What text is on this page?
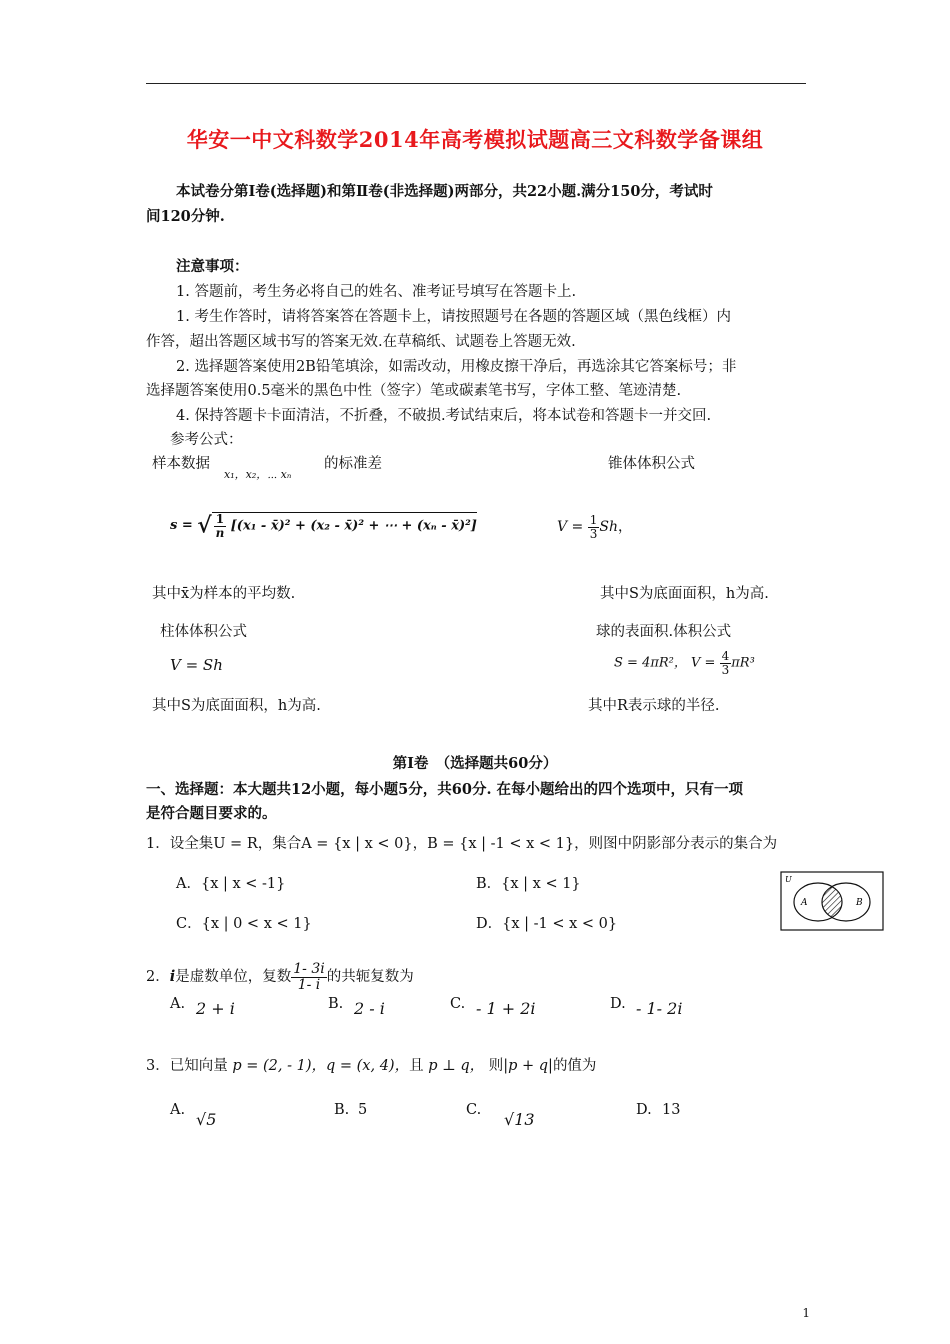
华安一中文科数学2014年高考模拟试题高三文科数学备课组
本试卷分第Ⅰ卷(选择题)和第Ⅱ卷(非选择题)两部分，共22小题.满分150分，考试时
间120分钟.
注意事项：
1. 答题前，考生务必将自己的姓名、准考证号填写在答题卡上.
1. 考生作答时，请将答案答在答题卡上，请按照题号在各题的答题区域（黑色线框）内
作答，超出答题区域书写的答案无效.在草稿纸、试题卷上答题无效.
2. 选择题答案使用2B铅笔填涂，如需改动，用橡皮擦干净后，再选涂其它答案标号；非
选择题答案使用0.5毫米的黑色中性（签字）笔或碳素笔书写，字体工整、笔迹清楚.
4. 保持答题卡卡面清洁，不折叠，不破损.考试结束后，将本试卷和答题卡一并交回.
参考公式：
样本数据
x₁，x₂，⋯ xₙ
的标准差	锥体体积公式
s = √ $\frac{1}{n} [(x_1$ - x̄)² + (x₂ - x̄)² + ⋯ + (xₙ - x̄)²]	$V = \frac{1}{3}$ Sh，
其中x̄为样本的平均数.	其中S为底面面积，h为高.
柱体体积公式	球的表面积.体积公式
V = Sh	S = 4πR²， $V = \frac{4}{3} \pi R^3$
其中S为底面面积，h为高.	其中R表示球的半径.
第Ⅰ卷　（选择题共60分）
一、选择题：本大题共12小题，每小题5分，共60分. 在每小题给出的四个选项中，只有一项
是符合题目要求的。
1．设全集U = R，集合A = {x | x < 0}，B = {x | -1 < x < 1}，则图中阴影部分表示的集合为
A．{x | x < -1}	B．{x | x < 1}
C．{x | 0 < x < 1}	D．{x | -1 < x < 0}
U
A	B
2．i是虚数单位，复数 $\frac{1- 3i}{1- i}$ 的共轭复数为
A. 2 + i	B. 2 - i	C. - 1 + 2i	D. - 1- 2i
3．已知向量 p = (2, - 1)，q = (x, 4)，且 p ⊥ q， 则|p + q|的值为
A. √5	B. 5	C. √13	D. 13
1
